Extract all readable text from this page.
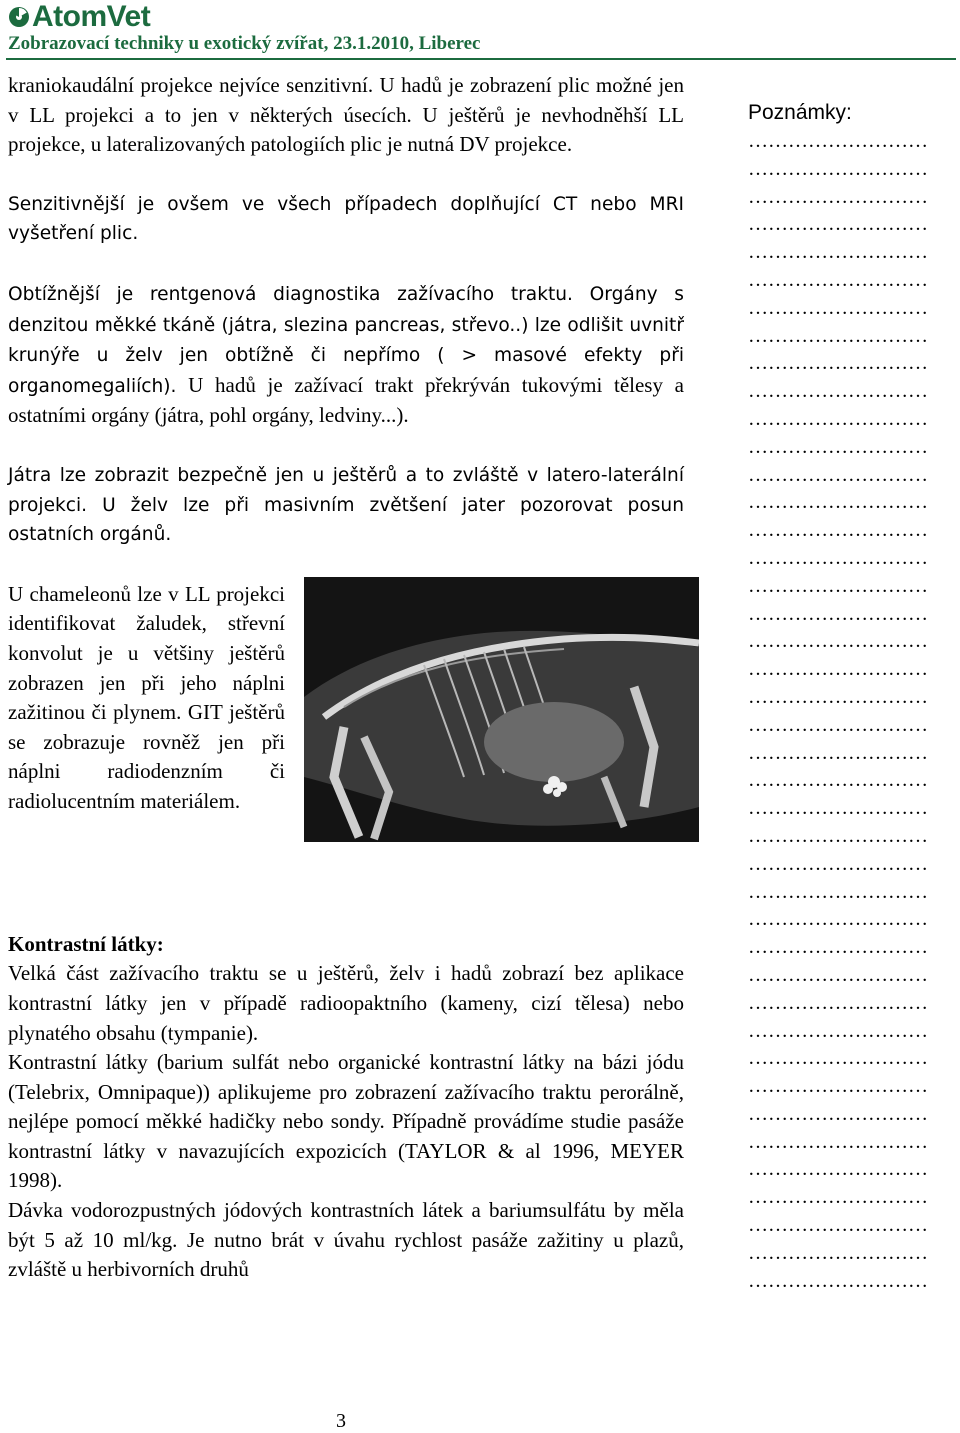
AtomVet
Zobrazovací techniky u exotický zvířat, 23.1.2010, Liberec

kraniokaudální projekce nejvíce senzitivní. U hadů je zobrazení plic možné jen v LL projekci a to jen v některých úsecích. U ještěrů je nevhodněhší LL projekce, u lateralizovaných patologiích plic je nutná DV projekce.

Senzitivnější je ovšem ve všech případech doplňující CT nebo MRI vyšetření plic.

Obtížnější je rentgenová diagnostika zažívacího traktu. Orgány s denzitou měkké tkáně (játra, slezina pancreas, střevo..) lze odlišit uvnitř krunýře u želv jen obtížně či nepřímo ( > masové efekty při organomegaliích). U hadů je zažívací trakt překrýván tukovými tělesy a ostatními orgány (játra, pohl orgány, ledviny...).

Játra lze zobrazit bezpečně jen u ještěrů a to zvláště v latero-laterální projekci. U želv lze při masivním zvětšení jater pozorovat posun ostatních orgánů.

U chameleonů lze v LL projekci identifikovat žaludek, střevní konvolut je u většiny ještěrů zobrazen jen při jeho náplni zažitinou či plynem. GIT ještěrů se zobrazuje rovněž jen při náplni radiodenzním či radiolucentním materiálem.

Kontrastní látky:

Velká část zažívacího traktu se u ještěrů, želv i hadů zobrazí bez aplikace kontrastní látky jen v případě radioopaktního (kameny, cizí tělesa) nebo plynatého obsahu (tympanie).

Kontrastní látky (barium sulfát nebo organické kontrastní látky na bázi jódu (Telebrix, Omnipaque)) aplikujeme pro zobrazení zažívacího traktu perorálně, nejlépe pomocí měkké hadičky nebo sondy. Případně provádíme studie pasáže kontrastní látky v navazujících expozicích (TAYLOR & al 1996, MEYER 1998).

Dávka vodorozpustných jódových kontrastních látek a bariumsulfátu by měla být 5 až 10 ml/kg. Je nutno brát v úvahu rychlost pasáže zažitiny u plazů, zvláště u herbivorních druhů

Poznámky:
………………………
………………………
………………………
………………………
………………………
………………………
………………………
………………………
………………………
………………………
………………………
………………………
………………………
………………………
………………………
………………………
………………………
………………………
………………………
………………………
………………………
………………………
………………………
………………………
………………………
………………………
………………………
………………………
………………………
………………………
………………………
………………………
………………………
………………………
………………………
………………………
………………………
………………………
………………………
………………………
………………………
………………………
3
